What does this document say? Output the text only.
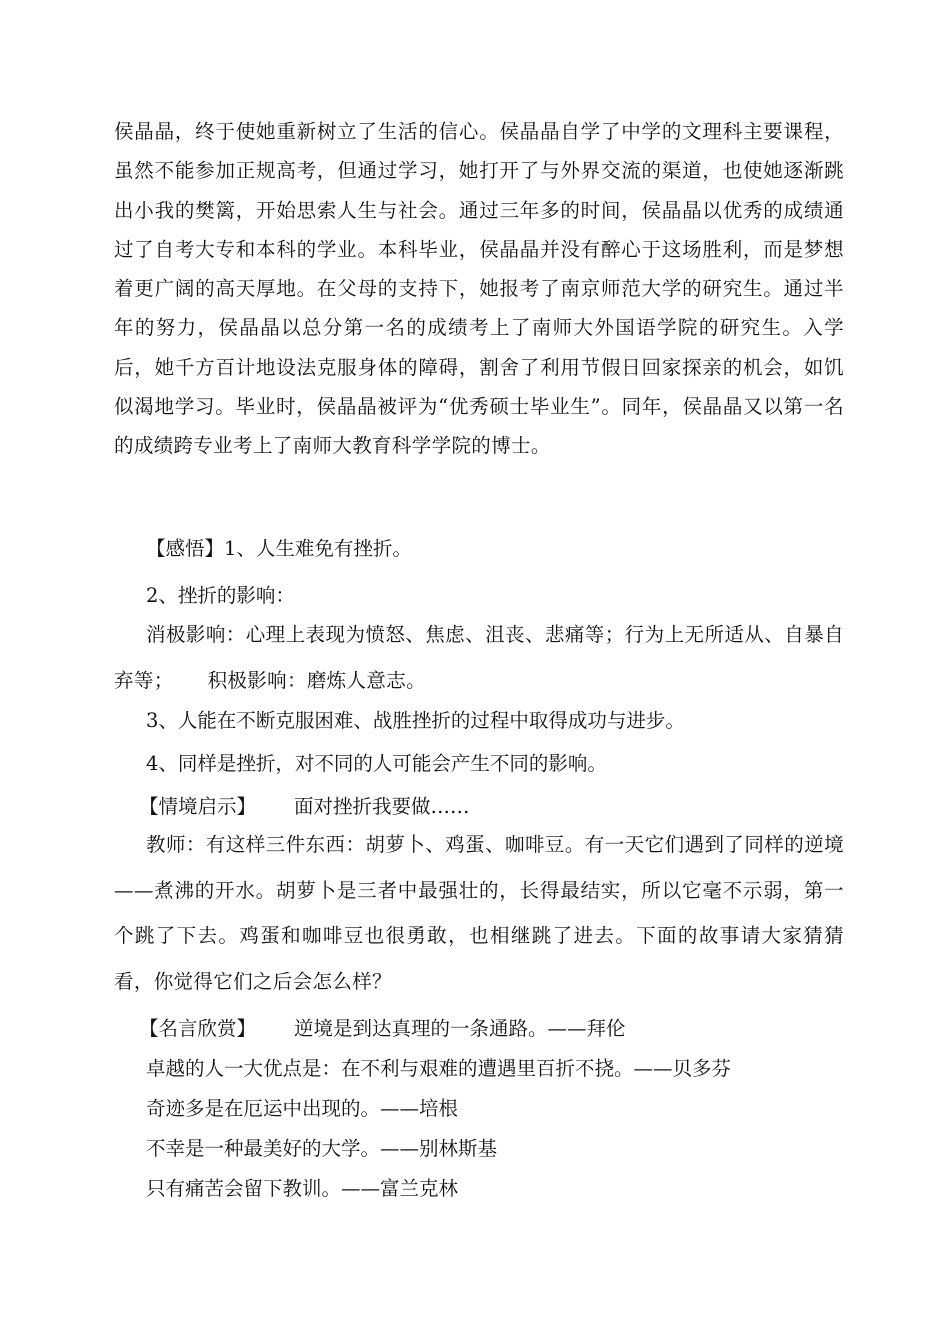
侯晶晶，终于使她重新树立了生活的信心。侯晶晶自学了中学的文理科主要课程，虽然不能参加正规高考，但通过学习，她打开了与外界交流的渠道，也使她逐渐跳出小我的樊篱，开始思索人生与社会。通过三年多的时间，侯晶晶以优秀的成绩通过了自考大专和本科的学业。本科毕业，侯晶晶并没有醉心于这场胜利，而是梦想着更广阔的高天厚地。在父母的支持下，她报考了南京师范大学的研究生。通过半年的努力，侯晶晶以总分第一名的成绩考上了南师大外国语学院的研究生。入学后，她千方百计地设法克服身体的障碍，割舍了利用节假日回家探亲的机会，如饥似渴地学习。毕业时，侯晶晶被评为“优秀硕士毕业生”。同年，侯晶晶又以第一名的成绩跨专业考上了南师大教育科学学院的博士。

【感悟】1、人生难免有挫折。

2、挫折的影响：

消极影响：心理上表现为愤怒、焦虑、沮丧、悲痛等；行为上无所适从、自暴自弃等； 积极影响：磨炼人意志。

3、人能在不断克服困难、战胜挫折的过程中取得成功与进步。

4、同样是挫折，对不同的人可能会产生不同的影响。

【情境启示】 面对挫折我要做……

教师：有这样三件东西：胡萝卜、鸡蛋、咖啡豆。有一天它们遇到了同样的逆境——煮沸的开水。胡萝卜是三者中最强壮的，长得最结实，所以它毫不示弱，第一个跳了下去。鸡蛋和咖啡豆也很勇敢，也相继跳了进去。下面的故事请大家猜猜看，你觉得它们之后会怎么样？

【名言欣赏】 逆境是到达真理的一条通路。——拜伦

卓越的人一大优点是：在不利与艰难的遭遇里百折不挠。——贝多芬

奇迹多是在厄运中出现的。——培根

不幸是一种最美好的大学。——别林斯基

只有痛苦会留下教训。——富兰克林
